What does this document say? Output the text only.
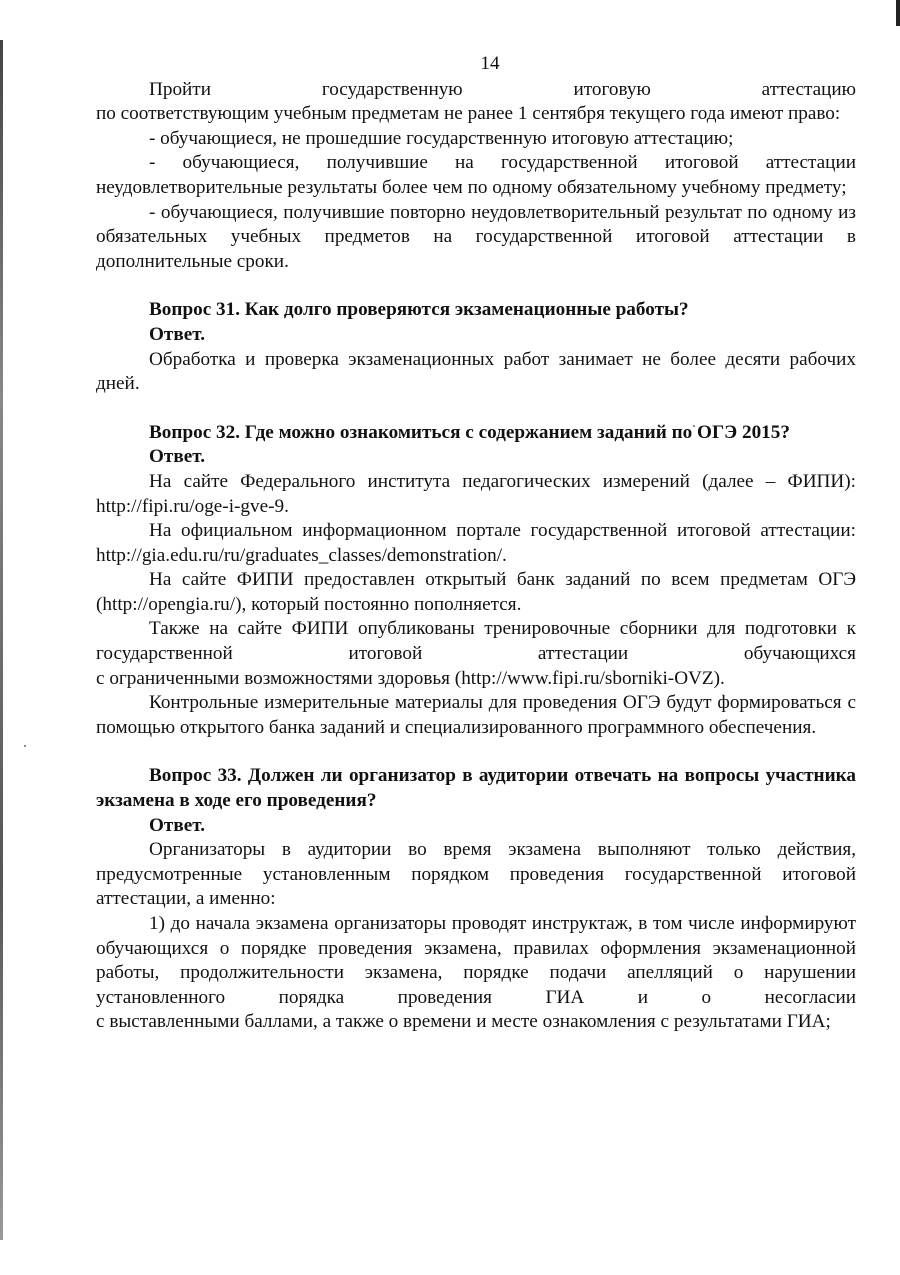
14

Пройти государственную итоговую аттестацию

по соответствующим учебным предметам не ранее 1 сентября текущего года имеют право:

- обучающиеся, не прошедшие государственную итоговую аттестацию;

- обучающиеся, получившие на государственной итоговой аттестации неудовлетворительные результаты более чем по одному обязательному учебному предмету;

- обучающиеся, получившие повторно неудовлетворительный результат по одному из обязательных учебных предметов на государственной итоговой аттестации в дополнительные сроки.

Вопрос 31. Как долго проверяются экзаменационные работы?

Ответ.

Обработка и проверка экзаменационных работ занимает не более десяти рабочих дней.

Вопрос 32. Где можно ознакомиться с содержанием заданий по ОГЭ 2015?

Ответ.

На сайте Федерального института педагогических измерений (далее – ФИПИ): http://fipi.ru/oge-i-gve-9.

На официальном информационном портале государственной итоговой аттестации: http://gia.edu.ru/ru/graduates_classes/demonstration/.

На сайте ФИПИ предоставлен открытый банк заданий по всем предметам ОГЭ (http://opengia.ru/), который постоянно пополняется.

Также на сайте ФИПИ опубликованы тренировочные сборники для подготовки к государственной итоговой аттестации обучающихся

с ограниченными возможностями здоровья (http://www.fipi.ru/sborniki-OVZ).

Контрольные измерительные материалы для проведения ОГЭ будут формироваться с помощью открытого банка заданий и специализированного программного обеспечения.

Вопрос 33. Должен ли организатор в аудитории отвечать на вопросы участника экзамена в ходе его проведения?

Ответ.

Организаторы в аудитории во время экзамена выполняют только действия, предусмотренные установленным порядком проведения государственной итоговой аттестации, а именно:

1) до начала экзамена организаторы проводят инструктаж, в том числе информируют обучающихся о порядке проведения экзамена, правилах оформления экзаменационной работы, продолжительности экзамена, порядке подачи апелляций о нарушении установленного порядка проведения ГИА и о несогласии

с выставленными баллами, а также о времени и месте ознакомления с результатами ГИА;
